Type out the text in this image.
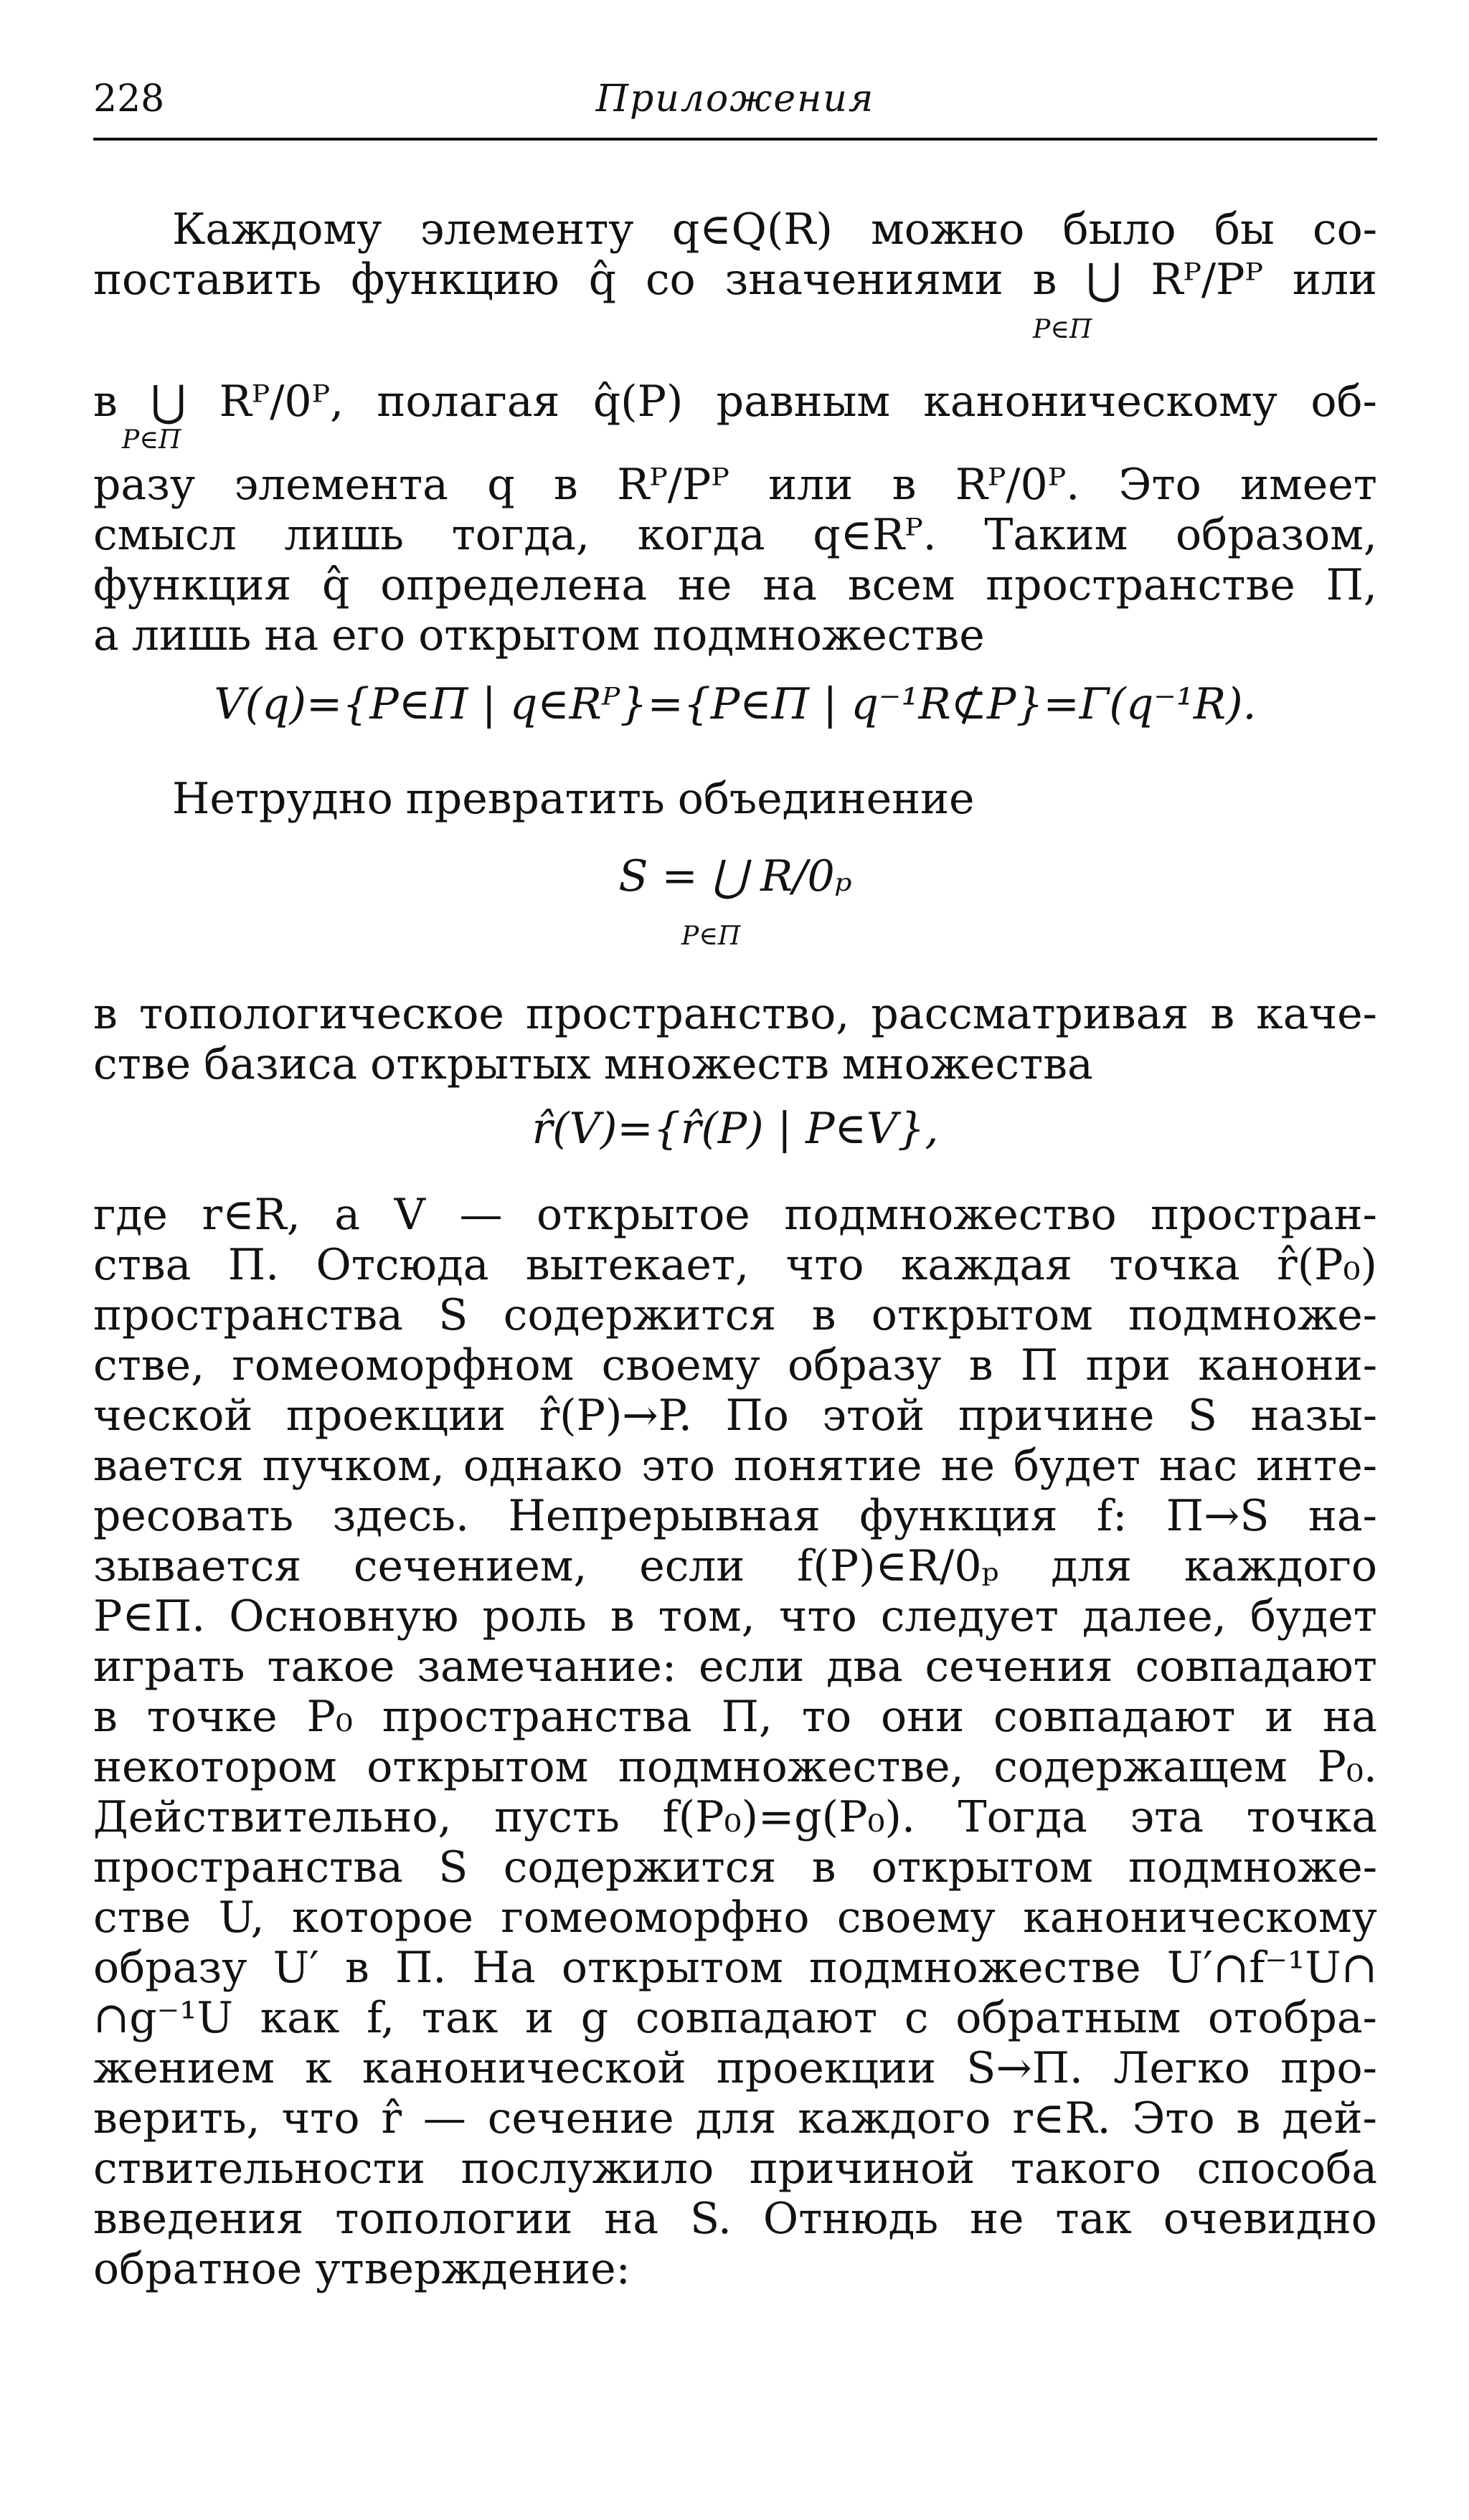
228	Приложения
Каждому элементу q∈Q(R) можно было бы со-
поставить функцию q̂ со значениями в ⋃ Rᴾ/Pᴾ или
в ⋃ Rᴾ/0ᴾ, полагая q̂(P) равным каноническому об-
разу элемента q в Rᴾ/Pᴾ или в Rᴾ/0ᴾ. Это имеет
смысл лишь тогда, когда q∈Rᴾ. Таким образом,
функция q̂ определена не на всем пространстве Π,
а лишь на его открытом подмножестве
V(q)={P∈Π | q∈Rᴾ}={P∈Π | q⁻¹R⊄P}=Γ(q⁻¹R).
Нетрудно превратить объединение
S = ⋃ R/0ₚ
в топологическое пространство, рассматривая в каче-
стве базиса открытых множеств множества
r̂(V)={r̂(P) | P∈V},
где r∈R, а V — открытое подмножество простран-
ства Π. Отсюда вытекает, что каждая точка r̂(P₀)
пространства S содержится в открытом подмноже-
стве, гомеоморфном своему образу в Π при канони-
ческой проекции r̂(P)→P. По этой причине S назы-
вается пучком, однако это понятие не будет нас инте-
ресовать здесь. Непрерывная функция f: Π→S на-
зывается сечением, если f(P)∈R/0ₚ для каждого
P∈Π. Основную роль в том, что следует далее, будет
играть такое замечание: если два сечения совпадают
в точке P₀ пространства Π, то они совпадают и на
некотором открытом подмножестве, содержащем P₀.
Действительно, пусть f(P₀)=g(P₀). Тогда эта точка
пространства S содержится в открытом подмноже-
стве U, которое гомеоморфно своему каноническому
образу U′ в Π. На открытом подмножестве U′∩f⁻¹U∩
∩g⁻¹U как f, так и g совпадают с обратным отобра-
жением к канонической проекции S→Π. Легко про-
верить, что r̂ — сечение для каждого r∈R. Это в дей-
ствительности послужило причиной такого способа
введения топологии на S. Отнюдь не так очевидно
обратное утверждение:
P∈Π
P∈Π
P∈Π
